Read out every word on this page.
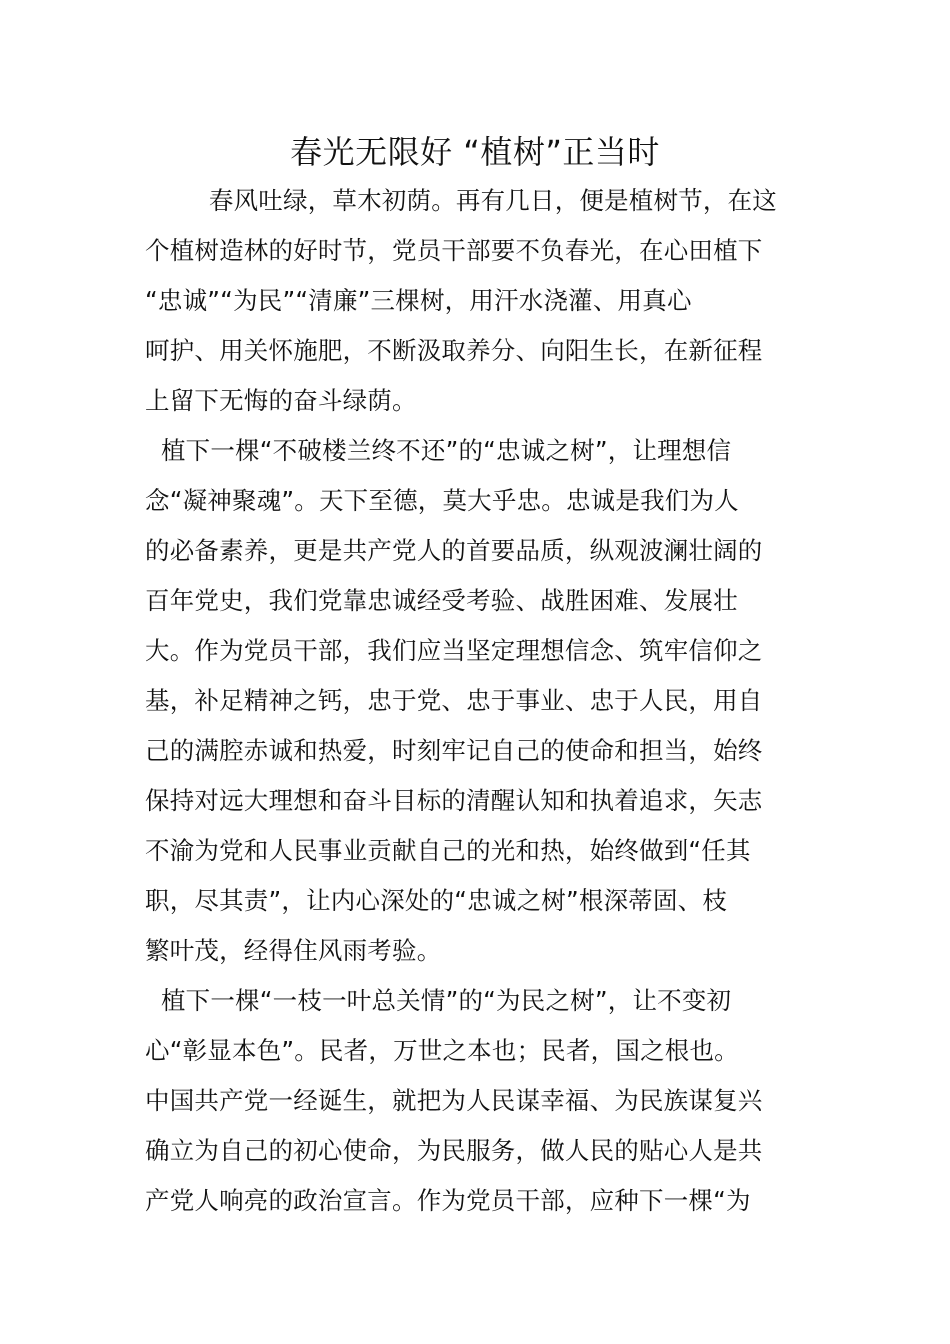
春光无限好 “植树”正当时
春风吐绿，草木初荫。再有几日，便是植树节，在这
个植树造林的好时节，党员干部要不负春光，在心田植下
“忠诚”“为民”“清廉”三棵树，用汗水浇灌、用真心
呵护、用关怀施肥，不断汲取养分、向阳生长，在新征程
上留下无悔的奋斗绿荫。
植下一棵“不破楼兰终不还”的“忠诚之树”，让理想信
念“凝神聚魂”。天下至德，莫大乎忠。忠诚是我们为人
的必备素养，更是共产党人的首要品质，纵观波澜壮阔的
百年党史，我们党靠忠诚经受考验、战胜困难、发展壮
大。作为党员干部，我们应当坚定理想信念、筑牢信仰之
基，补足精神之钙，忠于党、忠于事业、忠于人民，用自
己的满腔赤诚和热爱，时刻牢记自己的使命和担当，始终
保持对远大理想和奋斗目标的清醒认知和执着追求，矢志
不渝为党和人民事业贡献自己的光和热，始终做到“任其
职，尽其责”，让内心深处的“忠诚之树”根深蒂固、枝
繁叶茂，经得住风雨考验。
植下一棵“一枝一叶总关情”的“为民之树”，让不变初
心“彰显本色”。民者，万世之本也；民者，国之根也。
中国共产党一经诞生，就把为人民谋幸福、为民族谋复兴
确立为自己的初心使命，为民服务，做人民的贴心人是共
产党人响亮的政治宣言。作为党员干部，应种下一棵“为
